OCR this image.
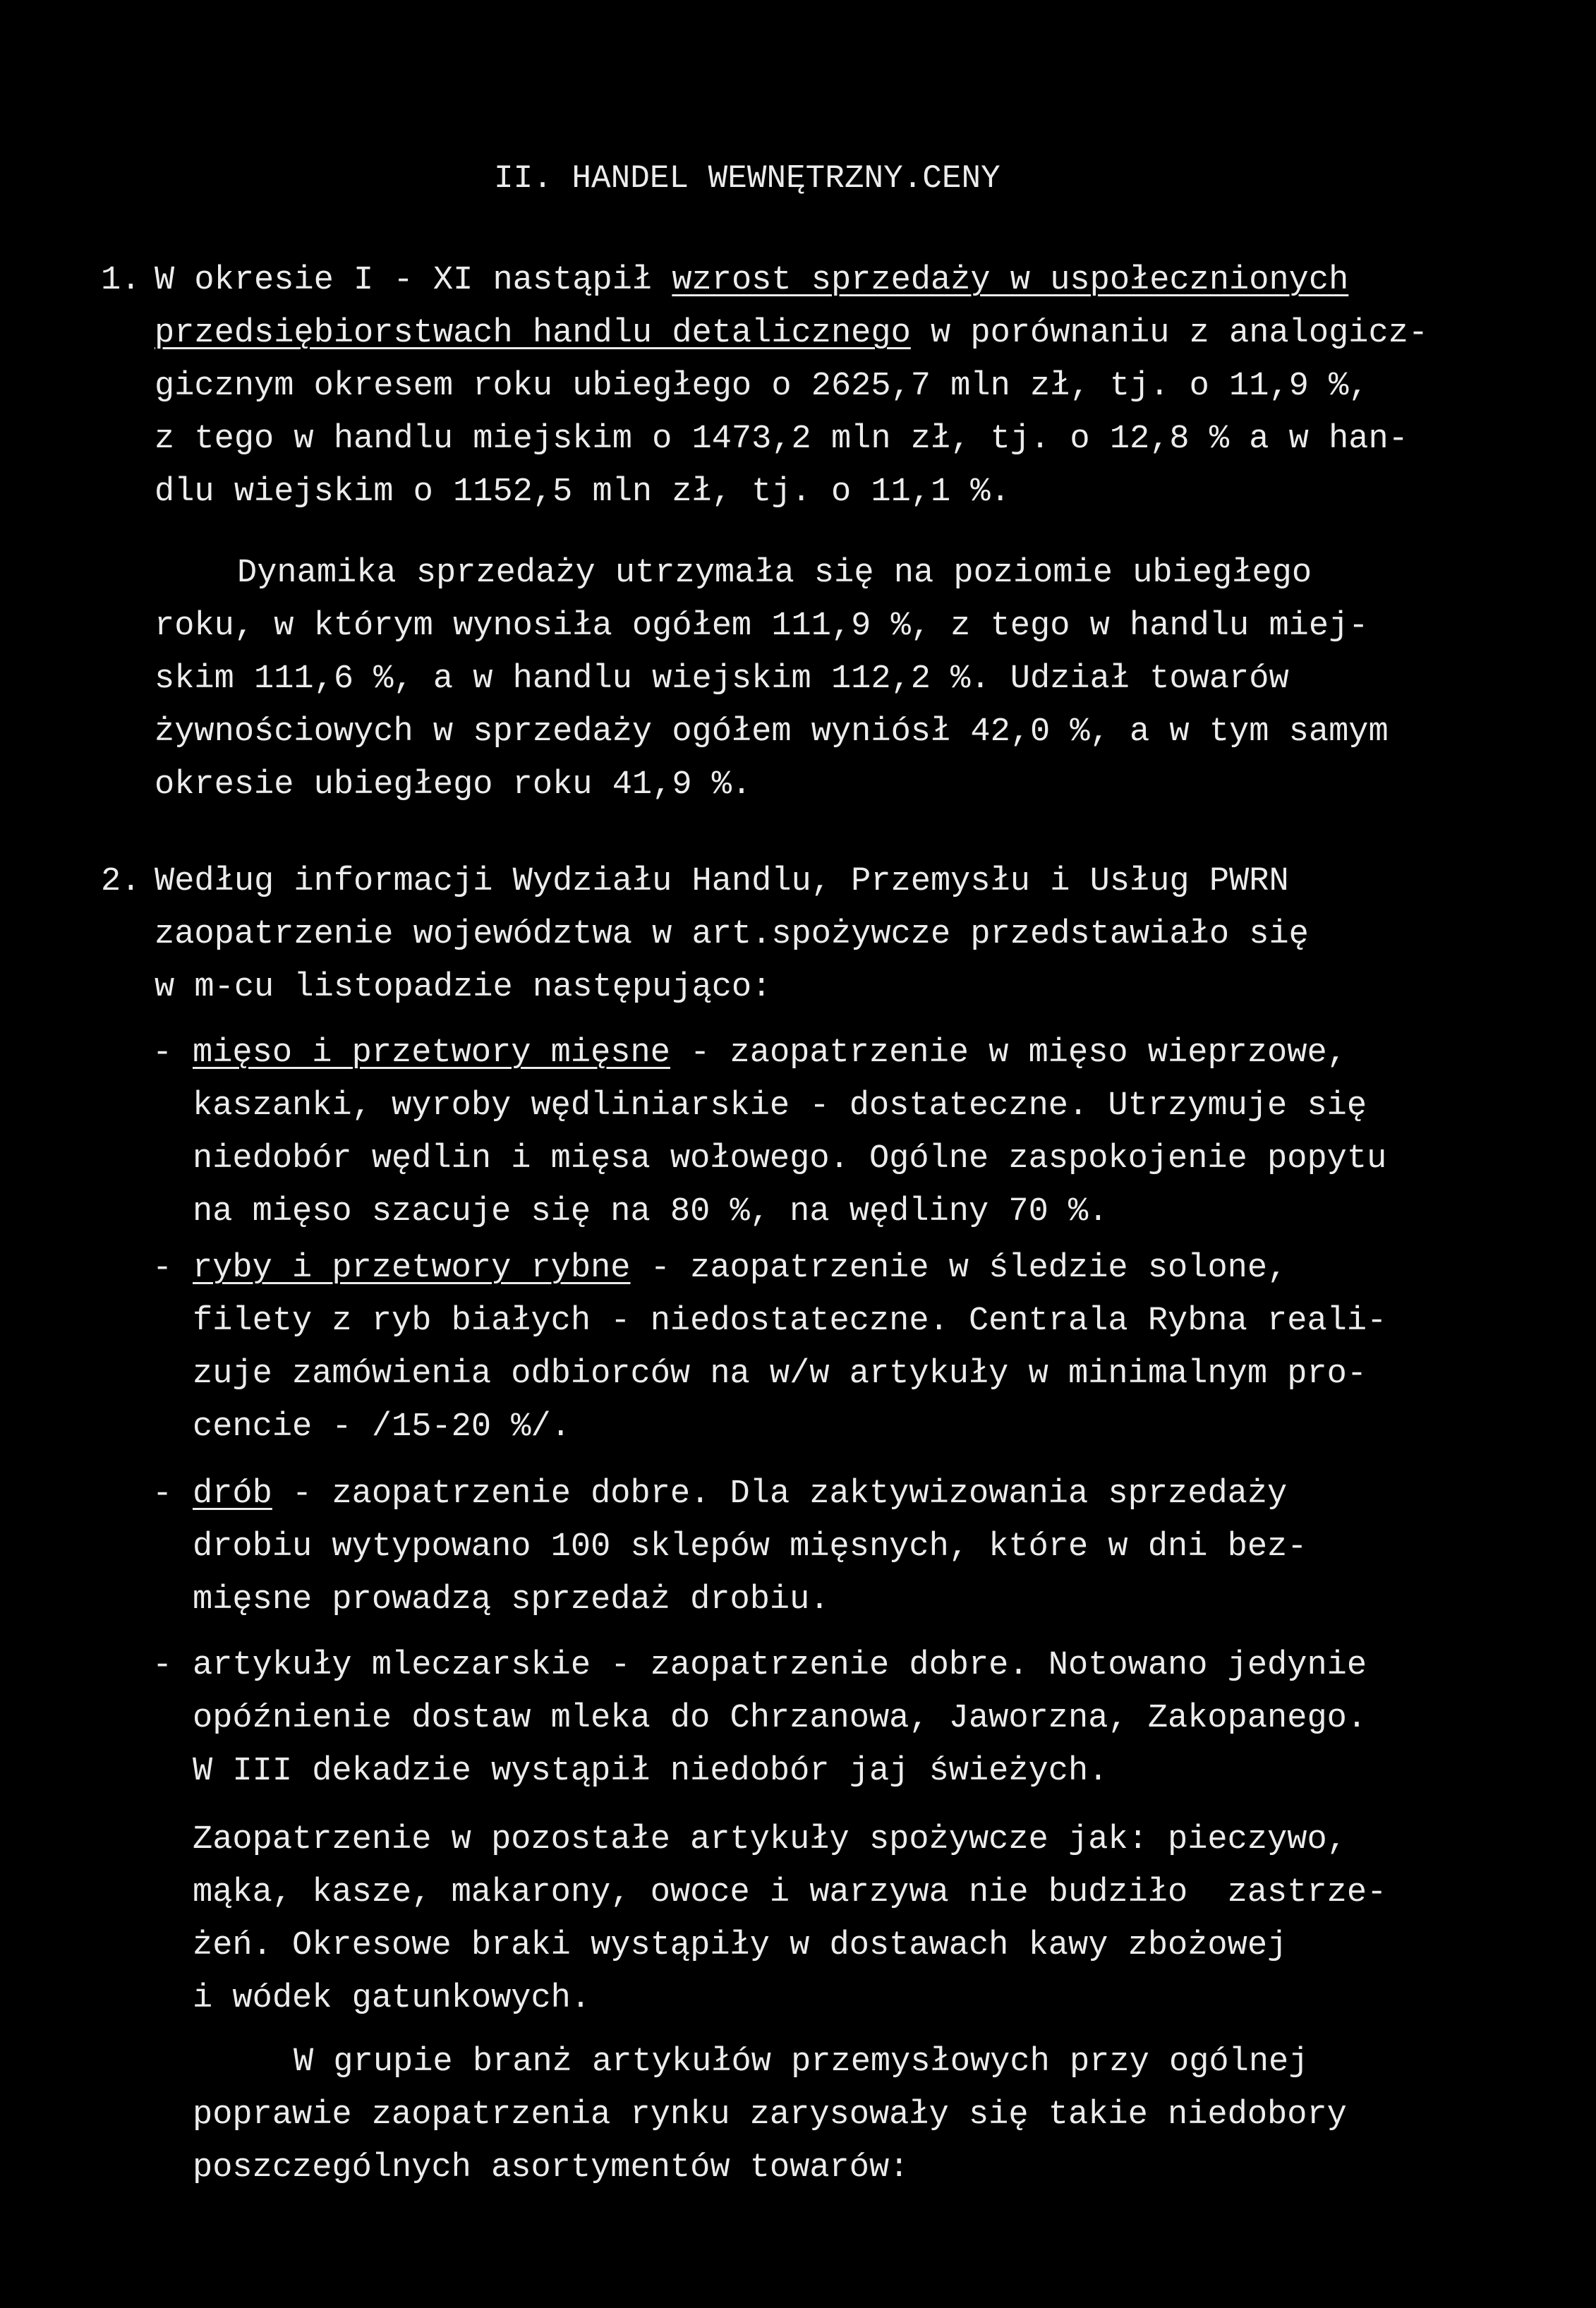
II. HANDEL WEWNĘTRZNY.CENY
1. W okresie I - XI nastąpił wzrost sprzedaży w uspołecznionych
przedsiębiorstwach handlu detalicznego w porównaniu z analogicz-
gicznym okresem roku ubiegłego o 2625,7 mln zł, tj. o 11,9 %,
z tego w handlu miejskim o 1473,2 mln zł, tj. o 12,8 % a w han-
dlu wiejskim o 1152,5 mln zł, tj. o 11,1 %.
Dynamika sprzedaży utrzymała się na poziomie ubiegłego
roku, w którym wynosiła ogółem 111,9 %, z tego w handlu miej-
skim 111,6 %, a w handlu wiejskim 112,2 %. Udział towarów
żywnościowych w sprzedaży ogółem wyniósł 42,0 %, a w tym samym
okresie ubiegłego roku 41,9 %.
2. Według informacji Wydziału Handlu, Przemysłu i Usług PWRN
zaopatrzenie województwa w art.spożywcze przedstawiało się
w m-cu listopadzie następująco:
- mięso i przetwory mięsne - zaopatrzenie w mięso wieprzowe,
kaszanki, wyroby wędliniarskie - dostateczne. Utrzymuje się
niedobór wędlin i mięsa wołowego. Ogólne zaspokojenie popytu
na mięso szacuje się na 80 %, na wędliny 70 %.
- ryby i przetwory rybne - zaopatrzenie w śledzie solone,
filety z ryb białych - niedostateczne. Centrala Rybna reali-
zuje zamówienia odbiorców na w/w artykuły w minimalnym pro-
cencie - /15-20 %/.
- drób - zaopatrzenie dobre. Dla zaktywizowania sprzedaży
drobiu wytypowano 100 sklepów mięsnych, które w dni bez-
mięsne prowadzą sprzedaż drobiu.
- artykuły mleczarskie - zaopatrzenie dobre. Notowano jedynie
opóźnienie dostaw mleka do Chrzanowa, Jaworzna, Zakopanego.
W III dekadzie wystąpił niedobór jaj świeżych.
Zaopatrzenie w pozostałe artykuły spożywcze jak: pieczywo,
mąka, kasze, makarony, owoce i warzywa nie budziło  zastrze-
żeń. Okresowe braki wystąpiły w dostawach kawy zbożowej
i wódek gatunkowych.
W grupie branż artykułów przemysłowych przy ogólnej
poprawie zaopatrzenia rynku zarysowały się takie niedobory
poszczególnych asortymentów towarów:
